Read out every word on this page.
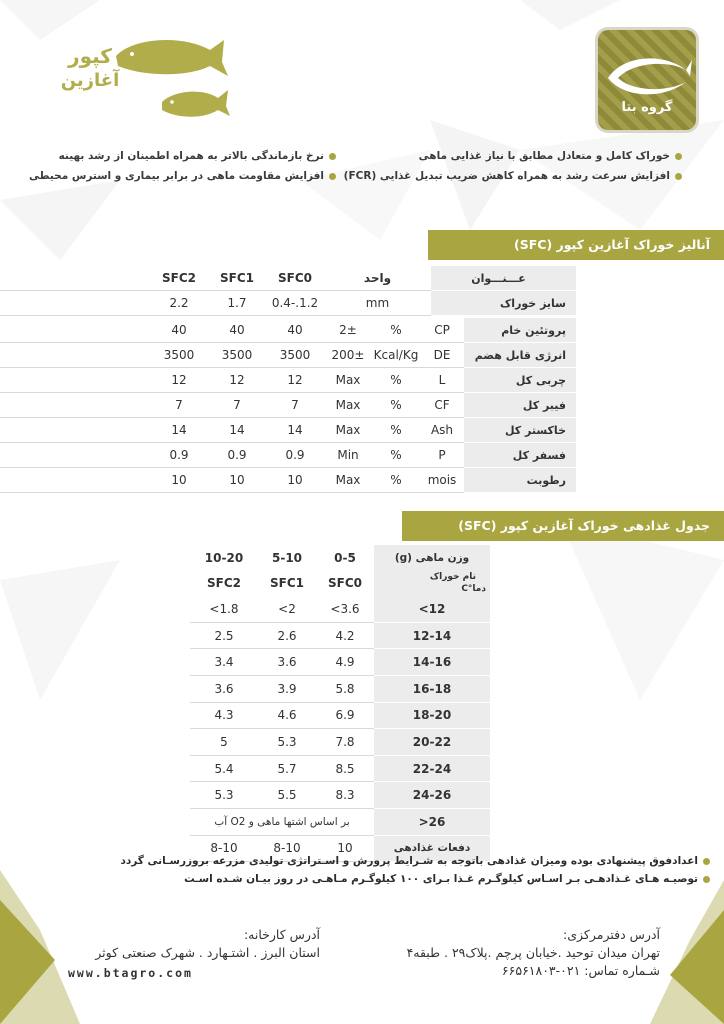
گروه بتا
کپور
آغازین
خوراک کامل و متعادل مطابق با نیاز غذایی ماهی
افزایش سرعت رشد به همراه کاهش ضریب تبدیل غذایی (FCR)
نرخ بازماندگی بالاتر به همراه اطمینان از رشد بهینه
افزایش مقاومت ماهی در برابر بیماری و استرس محیطی
آنالیز خوراک آغازین کپور (SFC)
	SFC2	SFC1	SFC0	واحد	عـــنـــوان
	2.2	1.7	0.4-.1.2	mm	سایز خوراک
	40	40	40	2±	%	CP	پروتئین خام
	3500	3500	3500	200±	Kcal/Kg	DE	انرژی قابل هضم
	12	12	12	Max	%	L	چربی کل
	7	7	7	Max	%	CF	فیبر کل
	14	14	14	Max	%	Ash	خاکستر کل
	0.9	0.9	0.9	Min	%	P	فسفر کل
	10	10	10	Max	%	mois	رطوبت
جدول غذادهی خوراک آغازین کپور (SFC)
10-20	5-10	0-5	وزن ماهی (g)
SFC2	SFC1	SFC0	نام خوراک
دما°C

<1.8	<2	<3.6	<12
2.5	2.6	4.2	12-14
3.4	3.6	4.9	14-16
3.6	3.9	5.8	16-18
4.3	4.6	6.9	18-20
5	5.3	7.8	20-22
5.4	5.7	8.5	22-24
5.3	5.5	8.3	24-26
بر اساس اشتها ماهی و O2 آب			>26
8-10	8-10	10	دفعات غذادهی
اعدادفوق پیشنهادی بوده ومیزان غذادهی باتوجه به شـرایط پرورش و اسـتراتژی تولیدی مزرعه بروزرسـانی گردد
توصیـه هـای غـذادهـی بـر اسـاس کیلوگـرم غـذا بـرای ۱۰۰ کیلوگـرم مـاهـی در روز بیـان شـده اسـت
آدرس دفترمرکزی:
تهران میدان توحید .خیابان پرچم .پلاک۲۹ . طبقه۴
شـماره تماس: ۰۲۱-۶۶۵۶۱۸۰۳
آدرس کارخانه:
استان البرز . اشتـهارد . شهرک صنعتی کوثر
www.btagro.com
